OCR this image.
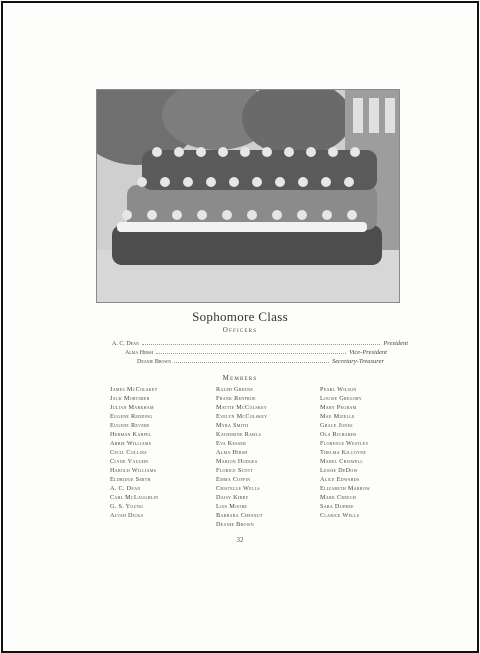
Sophomore Class
Officers
A. C. Dean	President
Alma Hirsh	Vice-President
Deanie Brown	Secretary-Treasurer
Members
James McColskey
Jack Mortimer
Julian Markham
Eugene Redding
Eugene Revere
Herman Karpel
Abbie Williams
Cecil Collins
Clyde Vaughn
Harold Williams
Eldridge Smith
A. C. Dean
Carl McLaughlin
G. S. Young
Alvah Dicks
Ralph Greene
Frank Renfroe
Mattie McColskey
Evelyn McColskey
Myra Smith
Katherine Rawls
Eva Kesser
Alma Hirsh
Marion Hodges
Florice Scott
Emma Coffin
Cristelle Wells
Daisy Kirby
Lois Moore
Barbara Chesnut
Deanie Brown
Pearl Wilson
Louise Gregory
Mary Pegram
Mae Mizelle
Grace Jones
Ola Richards
Florence Westley
Thelma Kilcoyne
Mabel Criswell
Lessie DeDow
Alice Edwards
Elizabeth Marrow
Mark Creech
Sara Dupree
Clarice Wells
32
